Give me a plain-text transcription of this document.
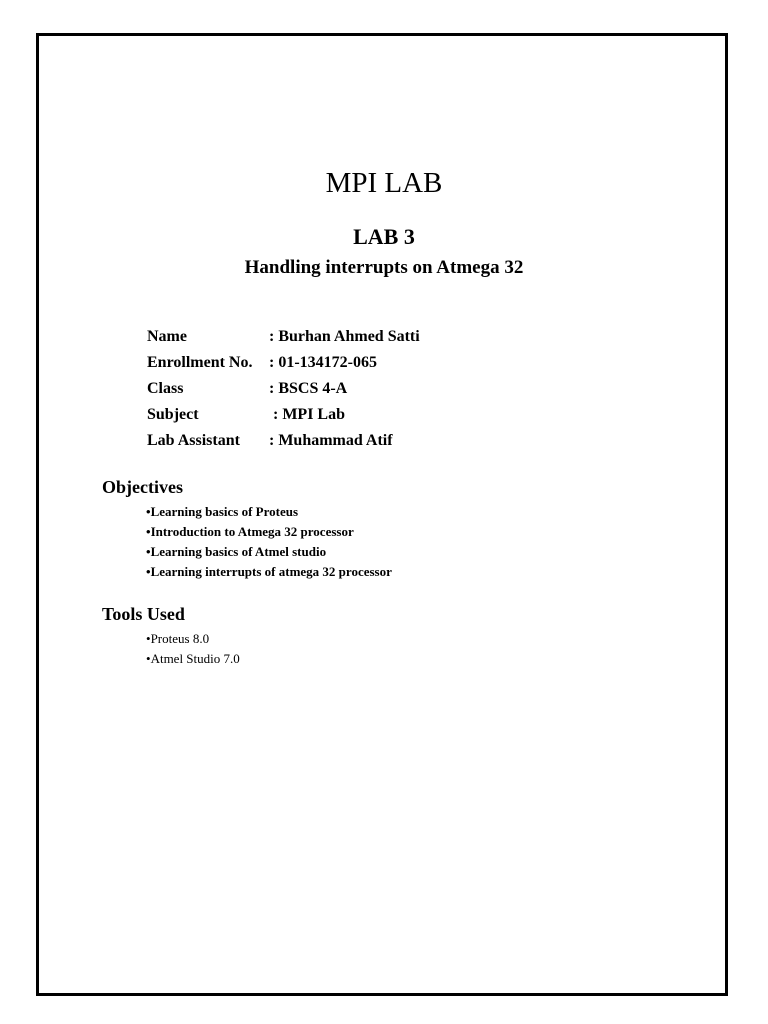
MPI LAB
LAB 3
Handling interrupts on Atmega 32
Name	: Burhan Ahmed Satti
Enrollment No. : 01-134172-065
Class	: BSCS 4-A
Subject	: MPI Lab
Lab Assistant : Muhammad Atif
Objectives
•Learning basics of Proteus
•Introduction to Atmega 32 processor
•Learning basics of Atmel studio
•Learning interrupts of atmega 32 processor
Tools Used
•Proteus 8.0
•Atmel Studio 7.0
